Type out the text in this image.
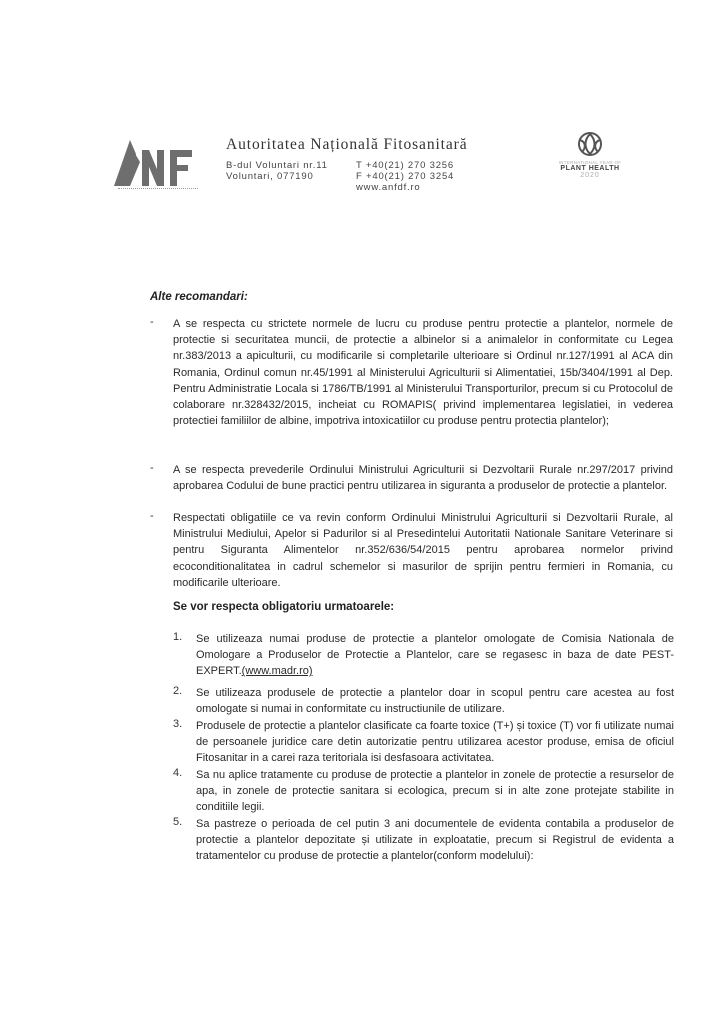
Autoritatea Națională Fitosanitară
B-dul Voluntari nr.11
Voluntari, 077190
T +40(21) 270 3256
F +40(21) 270 3254
www.anfdf.ro
INTERNATIONAL YEAR OF
PLANT HEALTH
2020
Alte recomandari:
- A se respecta cu strictete normele de lucru cu produse pentru protectie a plantelor, normele de protectie si securitatea muncii, de protectie a albinelor si a animalelor in conformitate cu Legea nr.383/2013 a apiculturii, cu modificarile si completarile ulterioare si Ordinul nr.127/1991 al ACA din Romania, Ordinul comun nr.45/1991 al Ministerului Agriculturii si Alimentatiei, 15b/3404/1991 al Dep. Pentru Administratie Locala si 1786/TB/1991 al Ministerului Transporturilor, precum si cu Protocolul de colaborare nr.328432/2015, incheiat cu ROMAPIS( privind implementarea legislatiei, in vederea protectiei familiilor de albine, impotriva intoxicatiilor cu produse pentru protectia plantelor);
- A se respecta prevederile Ordinului Ministrului Agriculturii si Dezvoltarii Rurale nr.297/2017 privind aprobarea Codului de bune practici pentru utilizarea in siguranta a produselor de protectie a plantelor.
- Respectati obligatiile ce va revin conform Ordinului Ministrului Agriculturii si Dezvoltarii Rurale, al Ministrului Mediului, Apelor si Padurilor si al Presedintelui Autoritatii Nationale Sanitare Veterinare si pentru Siguranta Alimentelor nr.352/636/54/2015 pentru aprobarea normelor privind ecoconditionalitatea in cadrul schemelor si masurilor de sprijin pentru fermieri in Romania, cu modificarile ulterioare.
Se vor respecta obligatoriu urmatoarele:
1. Se utilizeaza numai produse de protectie a plantelor omologate de Comisia Nationala de Omologare a Produselor de Protectie a Plantelor, care se regasesc in baza de date PEST-EXPERT.(www.madr.ro)
2. Se utilizeaza produsele de protectie a plantelor doar in scopul pentru care acestea au fost omologate si numai in conformitate cu instructiunile de utilizare.
3. Produsele de protectie a plantelor clasificate ca foarte toxice (T+) și toxice (T) vor fi utilizate numai de persoanele juridice care detin autorizatie pentru utilizarea acestor produse, emisa de oficiul Fitosanitar in a carei raza teritoriala isi desfasoara activitatea.
4. Sa nu aplice tratamente cu produse de protectie a plantelor in zonele de protectie a resurselor de apa, in zonele de protectie sanitara si ecologica, precum si in alte zone protejate stabilite in conditiile legii.
5. Sa pastreze o perioada de cel putin 3 ani documentele de evidenta contabila a produselor de protectie a plantelor depozitate și utilizate in exploatatie, precum si Registrul de evidenta a tratamentelor cu produse de protectie a plantelor(conform modelului):
